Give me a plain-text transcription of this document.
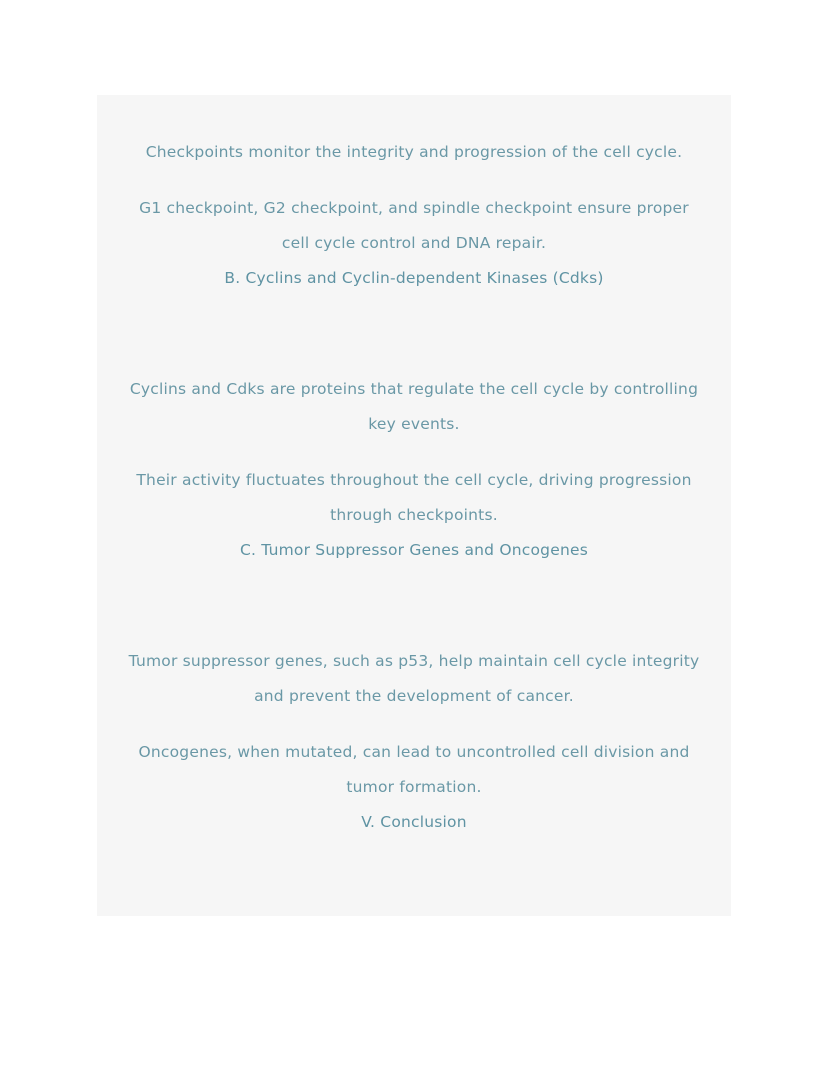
Checkpoints monitor the integrity and progression of the cell cycle.

G1 checkpoint, G2 checkpoint, and spindle checkpoint ensure proper cell cycle control and DNA repair.

B. Cyclins and Cyclin-dependent Kinases (Cdks)

Cyclins and Cdks are proteins that regulate the cell cycle by controlling key events.

Their activity fluctuates throughout the cell cycle, driving progression through checkpoints.

C. Tumor Suppressor Genes and Oncogenes

Tumor suppressor genes, such as p53, help maintain cell cycle integrity and prevent the development of cancer.

Oncogenes, when mutated, can lead to uncontrolled cell division and tumor formation.

V. Conclusion
